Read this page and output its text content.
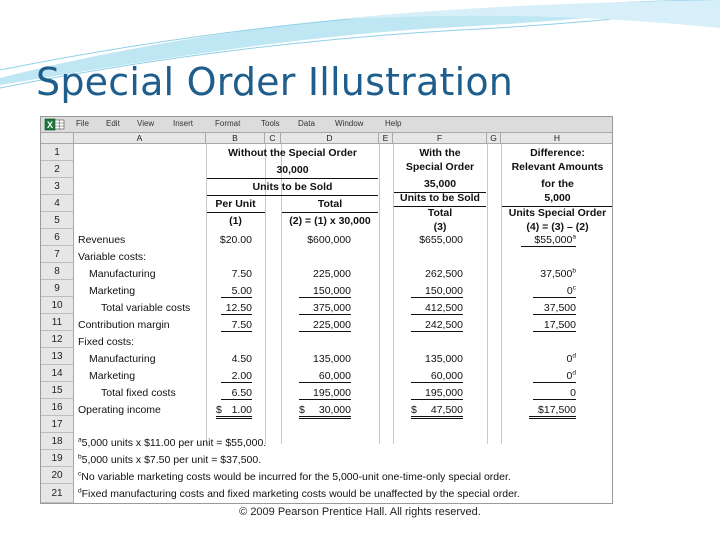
Special Order Illustration
X	File Edit View Insert	Format	Tools Data	Window	Help
A	B	C	D	E	F	G	H
1
2
3
4
5
6
7
8
9
10
11
12
13
14
15
16
17
18
19
20
21
Without the Special Order
30,000
Units to be Sold
Per Unit	Total
(1)	(2) = (1) x 30,000
With the
Special Order
35,000
Units to be Sold
Total
(3)
Difference:
Relevant Amounts
for the
5,000
Units Special Order
(4) = (3) – (2)
Revenues	$20.00	$600,000	$655,000	$55,000$^a$
Variable costs:
Manufacturing	7.50	225,000	262,500	37,500$^b$
Marketing	5.00	150,000	150,000	0$^c$
Total variable costs	12.50	375,000	412,500	37,500
Contribution margin	7.50	225,000	242,500	17,500
Fixed costs:
Manufacturing	4.50	135,000	135,000	0$^d$
Marketing	2.00	60,000	60,000	0$^d$
Total fixed costs	6.50	195,000	195,000	0
Operating income	$ 1.00	$ 30,000	$ 47,500	$17,500
$^a$5,000 units x $11.00 per unit = $55,000.
$^b$5,000 units x $7.50 per unit = $37,500.
$^c$No variable marketing costs would be incurred for the 5,000-unit one-time-only special order.
$^d$Fixed manufacturing costs and fixed marketing costs would be unaffected by the special order.
© 2009 Pearson Prentice Hall. All rights reserved.
